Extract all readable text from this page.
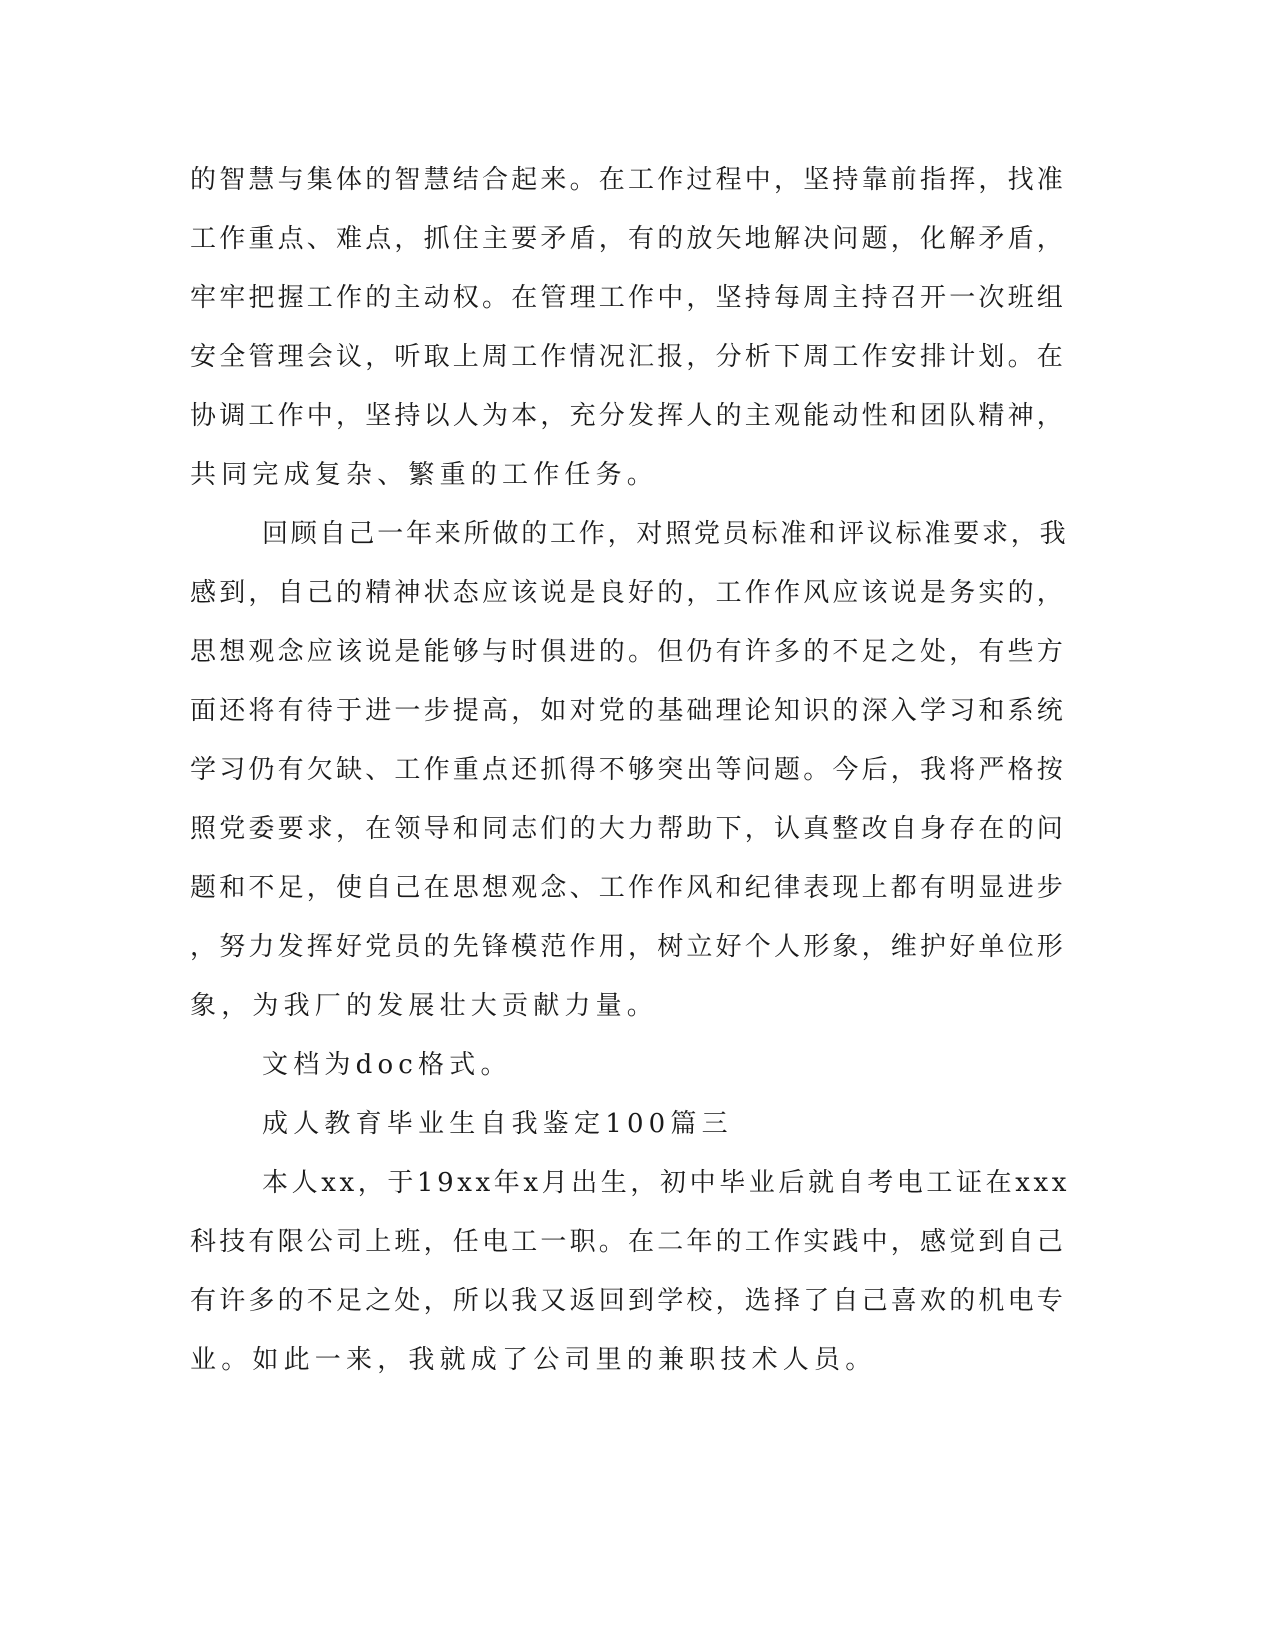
的智慧与集体的智慧结合起来。在工作过程中，坚持靠前指挥，找准
工作重点、难点，抓住主要矛盾，有的放矢地解决问题，化解矛盾，
牢牢把握工作的主动权。在管理工作中，坚持每周主持召开一次班组
安全管理会议，听取上周工作情况汇报，分析下周工作安排计划。在
协调工作中，坚持以人为本，充分发挥人的主观能动性和团队精神，
共同完成复杂、繁重的工作任务。
回顾自己一年来所做的工作，对照党员标准和评议标准要求，我
感到，自己的精神状态应该说是良好的，工作作风应该说是务实的，
思想观念应该说是能够与时俱进的。但仍有许多的不足之处，有些方
面还将有待于进一步提高，如对党的基础理论知识的深入学习和系统
学习仍有欠缺、工作重点还抓得不够突出等问题。今后，我将严格按
照党委要求，在领导和同志们的大力帮助下，认真整改自身存在的问
题和不足，使自己在思想观念、工作作风和纪律表现上都有明显进步
，努力发挥好党员的先锋模范作用，树立好个人形象，维护好单位形
象，为我厂的发展壮大贡献力量。
文档为doc格式。
成人教育毕业生自我鉴定100篇三
本人xx，于19xx年x月出生，初中毕业后就自考电工证在xxx
科技有限公司上班，任电工一职。在二年的工作实践中，感觉到自己
有许多的不足之处，所以我又返回到学校，选择了自己喜欢的机电专
业。如此一来，我就成了公司里的兼职技术人员。
